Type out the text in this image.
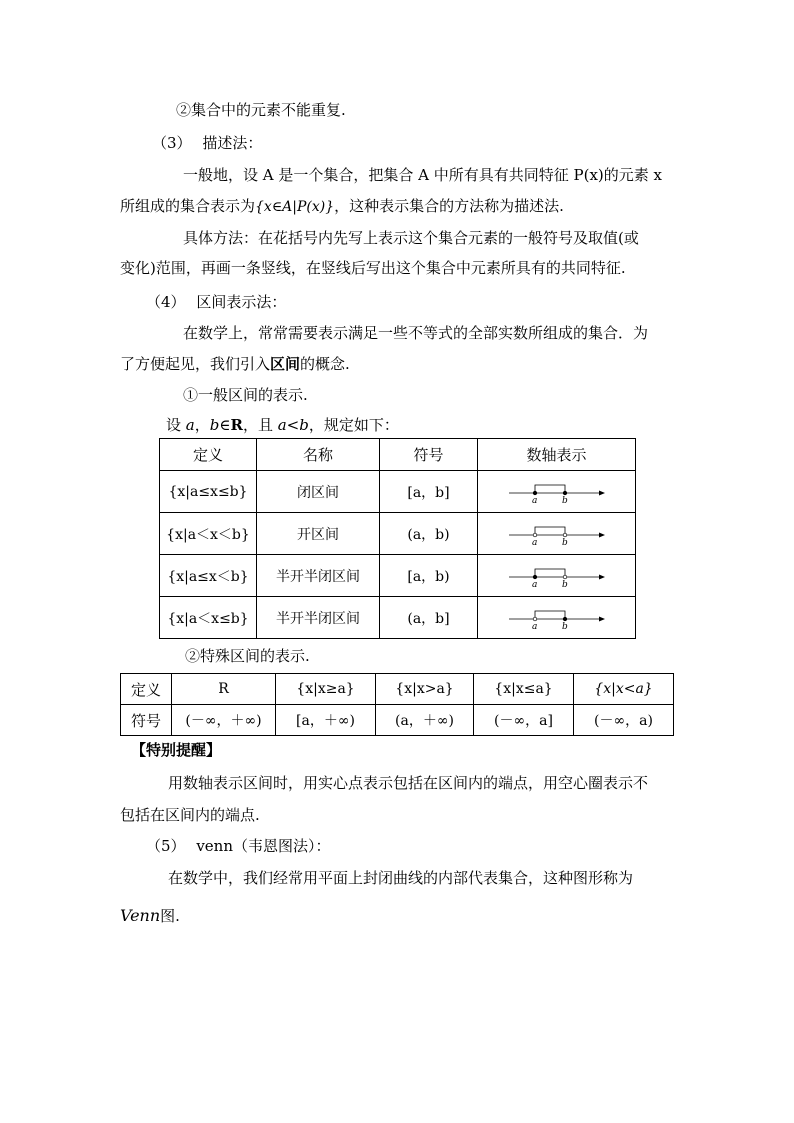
②集合中的元素不能重复.
（3） 描述法：
一般地，设 A 是一个集合，把集合 A 中所有具有共同特征 P(x)的元素 x
所组成的集合表示为{x∈A|P(x)}，这种表示集合的方法称为描述法.
具体方法：在花括号内先写上表示这个集合元素的一般符号及取值(或
变化)范围，再画一条竖线，在竖线后写出这个集合中元素所具有的共同特征.
（4） 区间表示法：
在数学上，常常需要表示满足一些不等式的全部实数所组成的集合．为
了方便起见，我们引入区间的概念.
①一般区间的表示.
设 a，b∈R，且 a<b，规定如下：
定义	名称	符号	数轴表示
{x|a≤x≤b}	闭区间	[a，b]	a b

{x|a＜x＜b}	开区间	(a，b)	a b

{x|a≤x＜b}	半开半闭区间	[a，b)	a b

{x|a＜x≤b}	半开半闭区间	(a，b]	a b
②特殊区间的表示.
定义	R	{x|x≥a}	{x|x>a}	{x|x≤a}	{x|x<a}
符号	(－∞，＋∞)	[a，＋∞)	(a，＋∞)	(－∞，a]	(－∞，a)
【特别提醒】
用数轴表示区间时，用实心点表示包括在区间内的端点，用空心圈表示不
包括在区间内的端点.
（5） venn（韦恩图法）：
在数学中，我们经常用平面上封闭曲线的内部代表集合，这种图形称为
Venn图.
